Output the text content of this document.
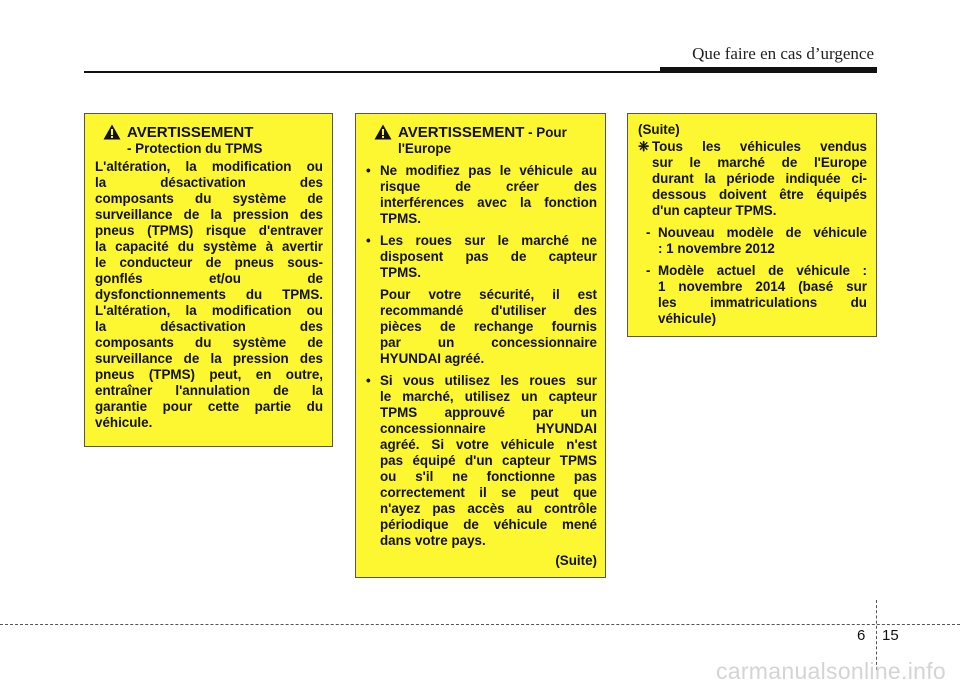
Que faire en cas d’urgence
AVERTISSEMENT
- Protection du TPMS
L'altération, la modification ou
la désactivation des
composants du système de
surveillance de la pression des
pneus (TPMS) risque d'entraver
la capacité du système à avertir
le conducteur de pneus sous-
gonflés et/ou de
dysfonctionnements du TPMS.
L'altération, la modification ou
la désactivation des
composants du système de
surveillance de la pression des
pneus (TPMS) peut, en outre,
entraîner l'annulation de la
garantie pour cette partie du
véhicule.
AVERTISSEMENT - Pour
l'Europe
• Ne modifiez pas le véhicule au
risque de créer des
interférences avec la fonction
TPMS.
• Les roues sur le marché ne
disposent pas de capteur
TPMS.
Pour votre sécurité, il est
recommandé d'utiliser des
pièces de rechange fournis
par un concessionnaire
HYUNDAI agréé.
• Si vous utilisez les roues sur
le marché, utilisez un capteur
TPMS approuvé par un
concessionnaire HYUNDAI
agréé. Si votre véhicule n'est
pas équipé d'un capteur TPMS
ou s'il ne fonctionne pas
correctement il se peut que
n'ayez pas accès au contrôle
périodique de véhicule mené
dans votre pays.
(Suite)
(Suite)
❈ Tous les véhicules vendus
sur le marché de l'Europe
durant la période indiquée ci-
dessous doivent être équipés
d'un capteur TPMS.
- Nouveau modèle de véhicule
: 1 novembre 2012
- Modèle actuel de véhicule :
1 novembre 2014 (basé sur
les immatriculations du
véhicule)
6 15
carmanualsonline.info
